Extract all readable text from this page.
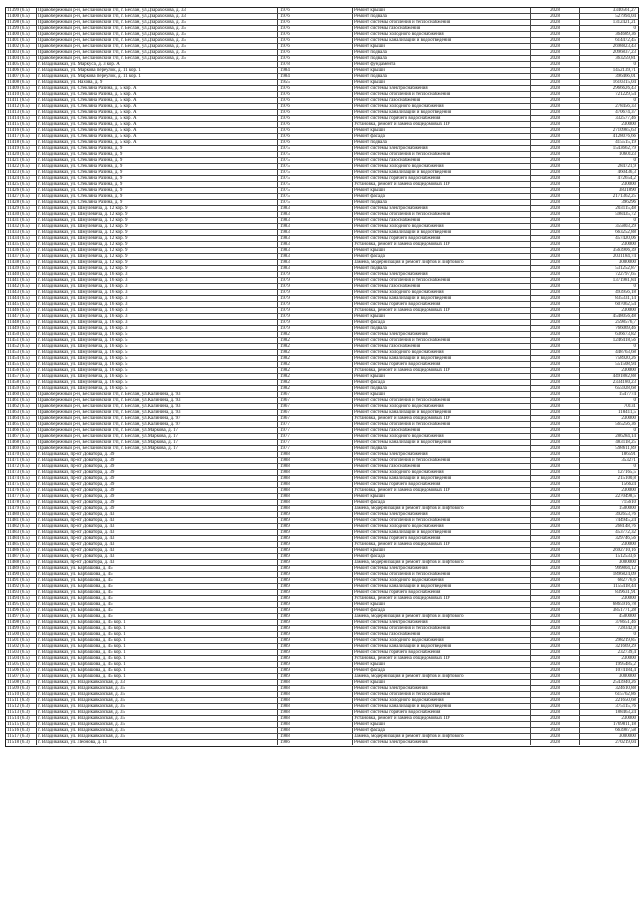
11399 (6.5)	Правобережный р-н, Беслановский г/п, г. Беслан, ул.Дзарахохова, д. 33	1976	Ремонт крыши	2028	3340561,27
11400 (6.5)	Правобережный р-н, Беслановский г/п, г. Беслан, ул.Дзарахохова, д. 33	1976	Ремонт подвала	2028	527994,04
11398 (6.5)	Правобережный р-н, Беслановский г/п, г. Беслан, ул.Дзарахохова, д. 35	1976	Ремонт системы отопления и теплоснабжения	2028	1312421,21
11399 (6.5)	Правобережный р-н, Беслановский г/п, г. Беслан, ул.Дзарахохова, д. 35	1976	Ремонт системы газоснабжения	2028	0
11400 (6.5)	Правобережный р-н, Беслановский г/п, г. Беслан, ул.Дзарахохова, д. 35	1976	Ремонт системы холодного водоснабжения	2028	364689,36
11401 (6.5)	Правобережный р-н, Беслановский г/п, г. Беслан, ул.Дзарахохова, д. 35	1976	Ремонт системы канализации и водоотведения	2028	614472,45
11402 (6.5)	Правобережный р-н, Беслановский г/п, г. Беслан, ул.Дзарахохова, д. 35	1976	Ремонт крыши	2028	2698823,43
11403 (6.5)	Правобережный р-н, Беслановский г/п, г. Беслан, ул.Дзарахохова, д. 35	1976	Ремонт подвала	2028	2096837,23
11404 (6.5)	Правобережный р-н, Беслановский г/п, г. Беслан, ул.Дзарахохова, д. 35	1976	Ремонт подвала	2028	363259,81
11405 (6.5)	г. Владикавказ, ул. Маркуса, д. 3 кор. А	1978	Ремонт фундамента	2028	0
11406 (6.5)	г. Владикавказ, ул. Маркова переулок, д. 11 кор. 1	1984	Ремонт крыши	2028	1452139,71
11407 (6.5)	г. Владикавказ, ул. Маркова переулок, д. 11 кор. 1	1984	Ремонт подвала	2028	396466,01
11408 (6.5)	г. Владикавказ, ул. Нахова, д. 9	1955	Ремонт крыши	2028	1610315,04
11409 (6.5)	г. Владикавказ, ул. Стекляна Разина, д. 5 кор. А	1976	Ремонт системы электроснабжения	2028	2966626,43
11410 (6.5)	г. Владикавказ, ул. Стекляна Разина, д. 5 кор. А	1976	Ремонт системы отопления и теплоснабжения	2028	721229,54
11411 (6.5)	г. Владикавказ, ул. Стекляна Разина, д. 5 кор. А	1976	Ремонт системы газоснабжения	2028	0
11412 (6.5)	г. Владикавказ, ул. Стекляна Разина, д. 5 кор. А	1976	Ремонт системы холодного водоснабжения	2028	278456,33
11413 (6.5)	г. Владикавказ, ул. Стекляна Разина, д. 5 кор. А	1976	Ремонт системы канализации и водоотведения	2028	470674,37
11414 (6.5)	г. Владикавказ, ул. Стекляна Разина, д. 5 кор. А	1976	Ремонт системы горячего водоснабжения	2028	332577,46
11415 (6.5)	г. Владикавказ, ул. Стекляна Разина, д. 5 кор. А	1976	Установка, ремонт и замена общедомовых ПУ	2028	230000
11416 (6.5)	г. Владикавказ, ул. Стекляна Разина, д. 5 кор. А	1976	Ремонт крыши	2028	2710985,63
11417 (6.5)	г. Владикавказ, ул. Стекляна Разина, д. 5 кор. А	1976	Ремонт фасада	2028	4128076,66
11418 (6.5)	г. Владикавказ, ул. Стекляна Разина, д. 5 кор. А	1976	Ремонт подвала	2028	415515,19
11419 (6.5)	г. Владикавказ, ул. Стекляна Разина, д. 9	1975	Ремонт системы электроснабжения	2028	1543662,79
11420 (6.5)	г. Владикавказ, ул. Стекляна Разина, д. 9	1975	Ремонт системы отопления и теплоснабжения	2028	1060123
11421 (6.5)	г. Владикавказ, ул. Стекляна Разина, д. 9	1975	Ремонт системы газоснабжения	2028	0
11422 (6.5)	г. Владикавказ, ул. Стекляна Разина, д. 9	1975	Ремонт системы холодного водоснабжения	2028	284721,9
11423 (6.5)	г. Владикавказ, ул. Стекляна Разина, д. 9	1975	Ремонт системы канализации и водоотведения	2028	460436,3
11424 (6.5)	г. Владикавказ, ул. Стекляна Разина, д. 9	1975	Ремонт системы горячего водоснабжения	2028	472654,2
11425 (6.5)	г. Владикавказ, ул. Стекляна Разина, д. 9	1975	Установка, ремонт и замена общедомовых ПУ	2028	230000
11426 (6.5)	г. Владикавказ, ул. Стекляна Разина, д. 9	1975	Ремонт крыши	2028	3831890
11427 (6.5)	г. Владикавказ, ул. Стекляна Разина, д. 9	1975	Ремонт фасада	2028	2171362,25
11428 (6.5)	г. Владикавказ, ул. Стекляна Разина, д. 9	1975	Ремонт подвала	2028	396296
11429 (6.5)	г. Владикавказ, ул. Шмулевича, д. 12 кор. 9	1983	Ремонт системы электроснабжения	2028	203115,48
11430 (6.5)	г. Владикавказ, ул. Шмулевича, д. 12 кор. 9	1983	Ремонт системы отопления и теплоснабжения	2028	598435,72
11431 (6.5)	г. Владикавказ, ул. Шмулевича, д. 12 кор. 9	1983	Ремонт системы газоснабжения	2028	0
11432 (6.5)	г. Владикавказ, ул. Шмулевича, д. 12 кор. 9	1983	Ремонт системы холодного водоснабжения	2028	355803,29
11433 (6.5)	г. Владикавказ, ул. Шмулевича, д. 12 кор. 9	1983	Ремонт системы канализации и водоотведения	2028	663252,88
11434 (6.5)	г. Владикавказ, ул. Шмулевича, д. 12 кор. 9	1983	Ремонт системы горячего водоснабжения	2028	457420,06
11435 (6.5)	г. Владикавказ, ул. Шмулевича, д. 12 кор. 9	1983	Установка, ремонт и замена общедомовых ПУ	2028	230000
11436 (6.5)	г. Владикавказ, ул. Шмулевича, д. 12 кор. 9	1983	Ремонт крыши	2028	3563906,39
11437 (6.5)	г. Владикавказ, ул. Шмулевича, д. 12 кор. 9	1983	Ремонт фасада	2028	2031184,74
11438 (6.5)	г. Владикавказ, ул. Шмулевича, д. 12 кор. 9	1983	Замена, модернизация и ремонт лифтов и лифтового	2028	3000000
11439 (6.5)	г. Владикавказ, ул. Шмулевича, д. 12 кор. 9	1983	Ремонт подвала	2028	531252,87
11440 (6.5)	г. Владикавказ, ул. Шмулевича, д. 16 кор. 3	1979	Ремонт системы электроснабжения	2028	722797,65
11441 (6.5)	г. Владикавказ, ул. Шмулевича, д. 16 кор. 3	1979	Ремонт системы отопления и теплоснабжения	2028	1371981,84
11442 (6.5)	г. Владикавказ, ул. Шмулевича, д. 16 кор. 3	1979	Ремонт системы газоснабжения	2028	0
11443 (6.5)	г. Владикавказ, ул. Шмулевича, д. 16 кор. 3	1979	Ремонт системы холодного водоснабжения	2028	493956,18
11444 (6.5)	г. Владикавказ, ул. Шмулевича, д. 16 кор. 3	1979	Ремонт системы канализации и водоотведения	2028	835331,14
11445 (6.5)	г. Владикавказ, ул. Шмулевича, д. 16 кор. 3	1979	Ремонт системы горячего водоснабжения	2028	607062,54
11446 (6.5)	г. Владикавказ, ул. Шмулевича, д. 16 кор. 3	1979	Установка, ремонт и замена общедомовых ПУ	2028	230000
11447 (6.5)	г. Владикавказ, ул. Шмулевича, д. 16 кор. 3	1979	Ремонт крыши	2028	4548056,48
11448 (6.5)	г. Владикавказ, ул. Шмулевича, д. 16 кор. 3	1979	Ремонт фасада	2028	2598576,7
11449 (6.5)	г. Владикавказ, ул. Шмулевича, д. 16 кор. 3	1979	Ремонт подвала	2028	766069,46
11450 (6.5)	г. Владикавказ, ул. Шмулевича, д. 16 кор. 5	1982	Ремонт системы электроснабжения	2028	636673,82
11451 (6.5)	г. Владикавказ, ул. Шмулевича, д. 16 кор. 5	1982	Ремонт системы отопления и теплоснабжения	2028	1246418,56
11452 (6.5)	г. Владикавказ, ул. Шмулевича, д. 16 кор. 5	1982	Ремонт системы газоснабжения	2028	0
11453 (6.5)	г. Владикавказ, ул. Шмулевича, д. 16 кор. 5	1982	Ремонт системы холодного водоснабжения	2028	448763,68
11454 (6.5)	г. Владикавказ, ул. Шмулевича, д. 16 кор. 5	1982	Ремонт системы канализации и водоотведения	2028	758920,26
11455 (6.5)	г. Владикавказ, ул. Шмулевича, д. 16 кор. 5	1982	Ремонт системы горячего водоснабжения	2028	551508,94
11456 (6.5)	г. Владикавказ, ул. Шмулевича, д. 16 кор. 5	1982	Установка, ремонт и замена общедомовых ПУ	2028	230000
11457 (6.5)	г. Владикавказ, ул. Шмулевича, д. 16 кор. 5	1982	Ремонт крыши	2028	4491882,88
11458 (6.5)	г. Владикавказ, ул. Шмулевича, д. 16 кор. 5	1982	Ремонт фасада	2028	2334180,23
11459 (6.5)	г. Владикавказ, ул. Шмулевича, д. 16 кор. 5	1982	Ремонт подвала	2028	655928,68
11460 (6.5)	Правобережный р-н, Беслановский г/п, г. Беслан, ул.Калинина, д. 93	1967	Ремонт крыши	2028	1547774
11461 (6.5)	Правобережный р-н, Беслановский г/п, г. Беслан, ул.Калинина, д. 93	1967	Ремонт системы отопления и теплоснабжения	2028	0
11462 (6.5)	Правобережный р-н, Беслановский г/п, г. Беслан, ул.Калинина, д. 93	1967	Ремонт системы холодного водоснабжения	2028	70131
11463 (6.5)	Правобережный р-н, Беслановский г/п, г. Беслан, ул.Калинина, д. 93	1967	Ремонт системы канализации и водоотведения	2028	118411,5
11464 (6.5)	Правобережный р-н, Беслановский г/п, г. Беслан, ул.Калинина, д. 97	1967	Установка, ремонт и замена общедомовых ПУ	2028	230000
11465 (6.5)	Правобережный р-н, Беслановский г/п, г. Беслан, ул.Калинина, д. 97	1977	Ремонт системы отопления и теплоснабжения	2028	565256,36
11466 (6.5)	Правобережный р-н, Беслановский г/п, г. Беслан, ул.Маркова, д. 17	1977	Ремонт системы газоснабжения	2028	0
11467 (6.5)	Правобережный р-н, Беслановский г/п, г. Беслан, ул.Маркова, д. 17	1977	Ремонт системы холодного водоснабжения	2028	286284,14
11468 (6.5)	Правобережный р-н, Беслановский г/п, г. Беслан, ул.Маркова, д. 17	1977	Ремонт системы канализации и водоотведения	2028	483118,25
11469 (6.5)	Правобережный р-н, Беслановский г/п, г. Беслан, ул.Маркова, д. 17	1977	Ремонт подвала	2028	598611,89
11470 (6.5)	г. Владикавказ, пр-кт Доватора, д. 39	1988	Ремонт системы электроснабжения	2028	186591
11471 (6.5)	г. Владикавказ, пр-кт Доватора, д. 39	1988	Ремонт системы отопления и теплоснабжения	2028	353271
11472 (6.5)	г. Владикавказ, пр-кт Доватора, д. 39	1988	Ремонт системы газоснабжения	2028	0
11473 (6.5)	г. Владикавказ, пр-кт Доватора, д. 39	1988	Ремонт системы холодного водоснабжения	2028	127165,5
11474 (6.5)	г. Владикавказ, пр-кт Доватора, д. 39	1988	Ремонт системы канализации и водоотведения	2028	215100,8
11475 (6.5)	г. Владикавказ, пр-кт Доватора, д. 39	1988	Ремонт системы горячего водоснабжения	2028	156624
11476 (6.5)	г. Владикавказ, пр-кт Доватора, д. 39	1988	Установка, ремонт и замена общедомовых ПУ	2028	230000
11477 (6.5)	г. Владикавказ, пр-кт Доватора, д. 39	1988	Ремонт крыши	2028	2270498,5
11478 (6.5)	г. Владикавказ, пр-кт Доватора, д. 39	1988	Ремонт фасада	2028	715610
11479 (6.5)	г. Владикавказ, пр-кт Доватора, д. 39	1988	Замена, модернизация и ремонт лифтов и лифтового	2028	1500000
11480 (6.5)	г. Владикавказ, пр-кт Доватора, д. 43	1989	Ремонт системы электроснабжения	2028	392653,76
11481 (6.5)	г. Владикавказ, пр-кт Доватора, д. 43	1989	Ремонт системы отопления и теплоснабжения	2028	744945,24
11482 (6.5)	г. Владикавказ, пр-кт Доватора, д. 43	1989	Ремонт системы холодного водоснабжения	2028	268148,76
11483 (6.5)	г. Владикавказ, пр-кт Доватора, д. 43	1989	Ремонт системы канализации и водоотведения	2028	453772,32
11484 (6.5)	г. Владикавказ, пр-кт Доватора, д. 43	1989	Ремонт системы горячего водоснабжения	2028	329746,56
11485 (6.5)	г. Владикавказ, пр-кт Доватора, д. 43	1989	Установка, ремонт и замена общедомовых ПУ	2028	230000
11486 (6.5)	г. Владикавказ, пр-кт Доватора, д. 43	1989	Ремонт крыши	2028	2692710,16
11487 (6.5)	г. Владикавказ, пр-кт Доватора, д. 43	1989	Ремонт фасада	2028	1512533,6
11488 (6.5)	г. Владикавказ, пр-кт Доватора, д. 43	1989	Замена, модернизация и ремонт лифтов и лифтового	2028	3000000
11489 (6.5)	г. Владикавказ, ул. Барбашова, д. 45	1989	Ремонт системы электроснабжения	2028	999804,12
11490 (6.5)	г. Владикавказ, ул. Барбашова, д. 45	1989	Ремонт системы отопления и теплоснабжения	2028	1896824,09
11491 (6.5)	г. Владикавказ, ул. Барбашова, д. 45	1989	Ремонт системы холодного водоснабжения	2028	682776,6
11492 (6.5)	г. Владикавказ, ул. Барбашова, д. 45	1989	Ремонт системы канализации и водоотведения	2028	1155418,44
11493 (6.5)	г. Владикавказ, ул. Барбашова, д. 45	1989	Ремонт системы горячего водоснабжения	2028	839631,91
11494 (6.5)	г. Владикавказ, ул. Барбашова, д. 45	1989	Установка, ремонт и замена общедомовых ПУ	2028	230000
11495 (6.5)	г. Владикавказ, ул. Барбашова, д. 45	1989	Ремонт крыши	2028	6865916,78
11496 (6.5)	г. Владикавказ, ул. Барбашова, д. 45	1989	Ремонт фасада	2028	3851771,28
11497 (6.5)	г. Владикавказ, ул. Барбашова, д. 45	1989	Замена, модернизация и ремонт лифтов и лифтового	2028	4500000
11498 (6.5)	г. Владикавказ, ул. Барбашова, д. 45 кор. 1	1989	Ремонт системы электроснабжения	2028	378651,46
11499 (6.5)	г. Владикавказ, ул. Барбашова, д. 45 кор. 1	1989	Ремонт системы отопления и теплоснабжения	2028	728342,8
11500 (6.5)	г. Владикавказ, ул. Барбашова, д. 45 кор. 1	1989	Ремонт системы газоснабжения	2028	0
11501 (6.5)	г. Владикавказ, ул. Барбашова, д. 45 кор. 1	1989	Ремонт системы холодного водоснабжения	2028	298219,85
11502 (6.5)	г. Владикавказ, ул. Барбашова, д. 45 кор. 1	1989	Ремонт системы канализации и водоотведения	2028	321669,29
11503 (6.5)	г. Владикавказ, ул. Барбашова, д. 45 кор. 1	1989	Ремонт системы горячего водоснабжения	2028	232739,4
11504 (6.5)	г. Владикавказ, ул. Барбашова, д. 45 кор. 1	1989	Установка, ремонт и замена общедомовых ПУ	2028	230000
11505 (6.5)	г. Владикавказ, ул. Барбашова, д. 45 кор. 1	1989	Ремонт крыши	2028	1995485,2
11506 (6.5)	г. Владикавказ, ул. Барбашова, д. 45 кор. 1	1989	Ремонт фасада	2028	1074184,4
11507 (6.5)	г. Владикавказ, ул. Барбашова, д. 45 кор. 1	1989	Замена, модернизация и ремонт лифтов и лифтового	2028	3000000
11508 (6.3)	г. Владикавказ, ул. Владикавказская, д. 33	1988	Ремонт крыши	2028	2543940,26
11509 (6.3)	г. Владикавказ, ул. Владикавказская, д. 35	1988	Ремонт системы электроснабжения	2028	324610,88
11510 (6.3)	г. Владикавказ, ул. Владикавказская, д. 35	1988	Ремонт системы отопления и теплоснабжения	2028	615762,86
11511 (6.3)	г. Владикавказ, ул. Владикавказская, д. 35	1988	Ремонт системы холодного водоснабжения	2028	221650,68
11512 (6.3)	г. Владикавказ, ул. Владикавказская, д. 35	1988	Ремонт системы канализации и водоотведения	2028	375115,76
11513 (6.3)	г. Владикавказ, ул. Владикавказская, д. 35	1988	Ремонт системы горячего водоснабжения	2028	188463,24
11514 (6.3)	г. Владикавказ, ул. Владикавказская, д. 35	1988	Установка, ремонт и замена общедомовых ПУ	2028	230000
11515 (6.3)	г. Владикавказ, ул. Владикавказская, д. 35	1988	Ремонт крыши	2028	1769811,18
11516 (6.3)	г. Владикавказ, ул. Владикавказская, д. 35	1988	Ремонт фасада	2028	663987,58
11517 (6.3)	г. Владикавказ, ул. Владикавказская, д. 35	1988	Замена, модернизация и ремонт лифтов и лифтового	2028	3000000
11518 (6.3)	г. Владикавказ, ул. Леонова, д. 11	1986	Ремонт системы электроснабжения	2028	270219,04
